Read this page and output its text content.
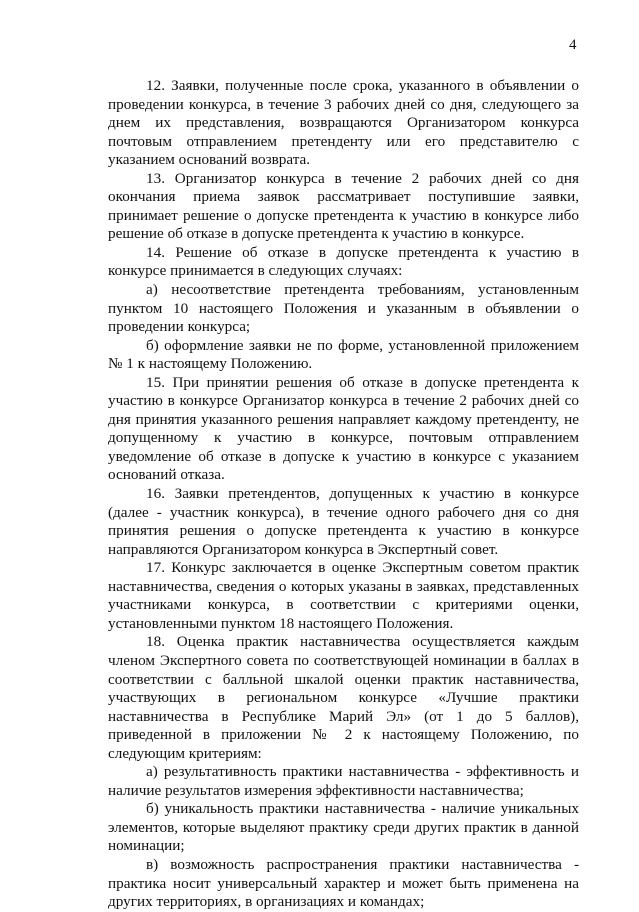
4

12. Заявки, полученные после срока, указанного в объявлении о проведении конкурса, в течение 3 рабочих дней со дня, следующего за днем их представления, возвращаются Организатором конкурса почтовым отправлением претенденту или его представителю с указанием оснований возврата.

13. Организатор конкурса в течение 2 рабочих дней со дня окончания приема заявок рассматривает поступившие заявки, принимает решение о допуске претендента к участию в конкурсе либо решение об отказе в допуске претендента к участию в конкурсе.

14. Решение об отказе в допуске претендента к участию в конкурсе принимается в следующих случаях:

а) несоответствие претендента требованиям, установленным пунктом 10 настоящего Положения и указанным в объявлении о проведении конкурса;

б) оформление заявки не по форме, установленной приложением № 1 к настоящему Положению.

15. При принятии решения об отказе в допуске претендента к участию в конкурсе Организатор конкурса в течение 2 рабочих дней со дня принятия указанного решения направляет каждому претенденту, не допущенному к участию в конкурсе, почтовым отправлением уведомление об отказе в допуске к участию в конкурсе с указанием оснований отказа.

16. Заявки претендентов, допущенных к участию в конкурсе (далее - участник конкурса), в течение одного рабочего дня со дня принятия решения о допуске претендента к участию в конкурсе направляются Организатором конкурса в Экспертный совет.

17. Конкурс заключается в оценке Экспертным советом практик наставничества, сведения о которых указаны в заявках, представленных участниками конкурса, в соответствии с критериями оценки, установленными пунктом 18 настоящего Положения.

18. Оценка практик наставничества осуществляется каждым членом Экспертного совета по соответствующей номинации в баллах в соответствии с балльной шкалой оценки практик наставничества, участвующих в региональном конкурсе «Лучшие практики наставничества в Республике Марий Эл» (от 1 до 5 баллов), приведенной в приложении № 2 к настоящему Положению, по следующим критериям:

а) результативность практики наставничества - эффективность и наличие результатов измерения эффективности наставничества;

б) уникальность практики наставничества - наличие уникальных элементов, которые выделяют практику среди других практик в данной номинации;

в) возможность распространения практики наставничества - практика носит универсальный характер и может быть применена на других территориях, в организациях и командах;
